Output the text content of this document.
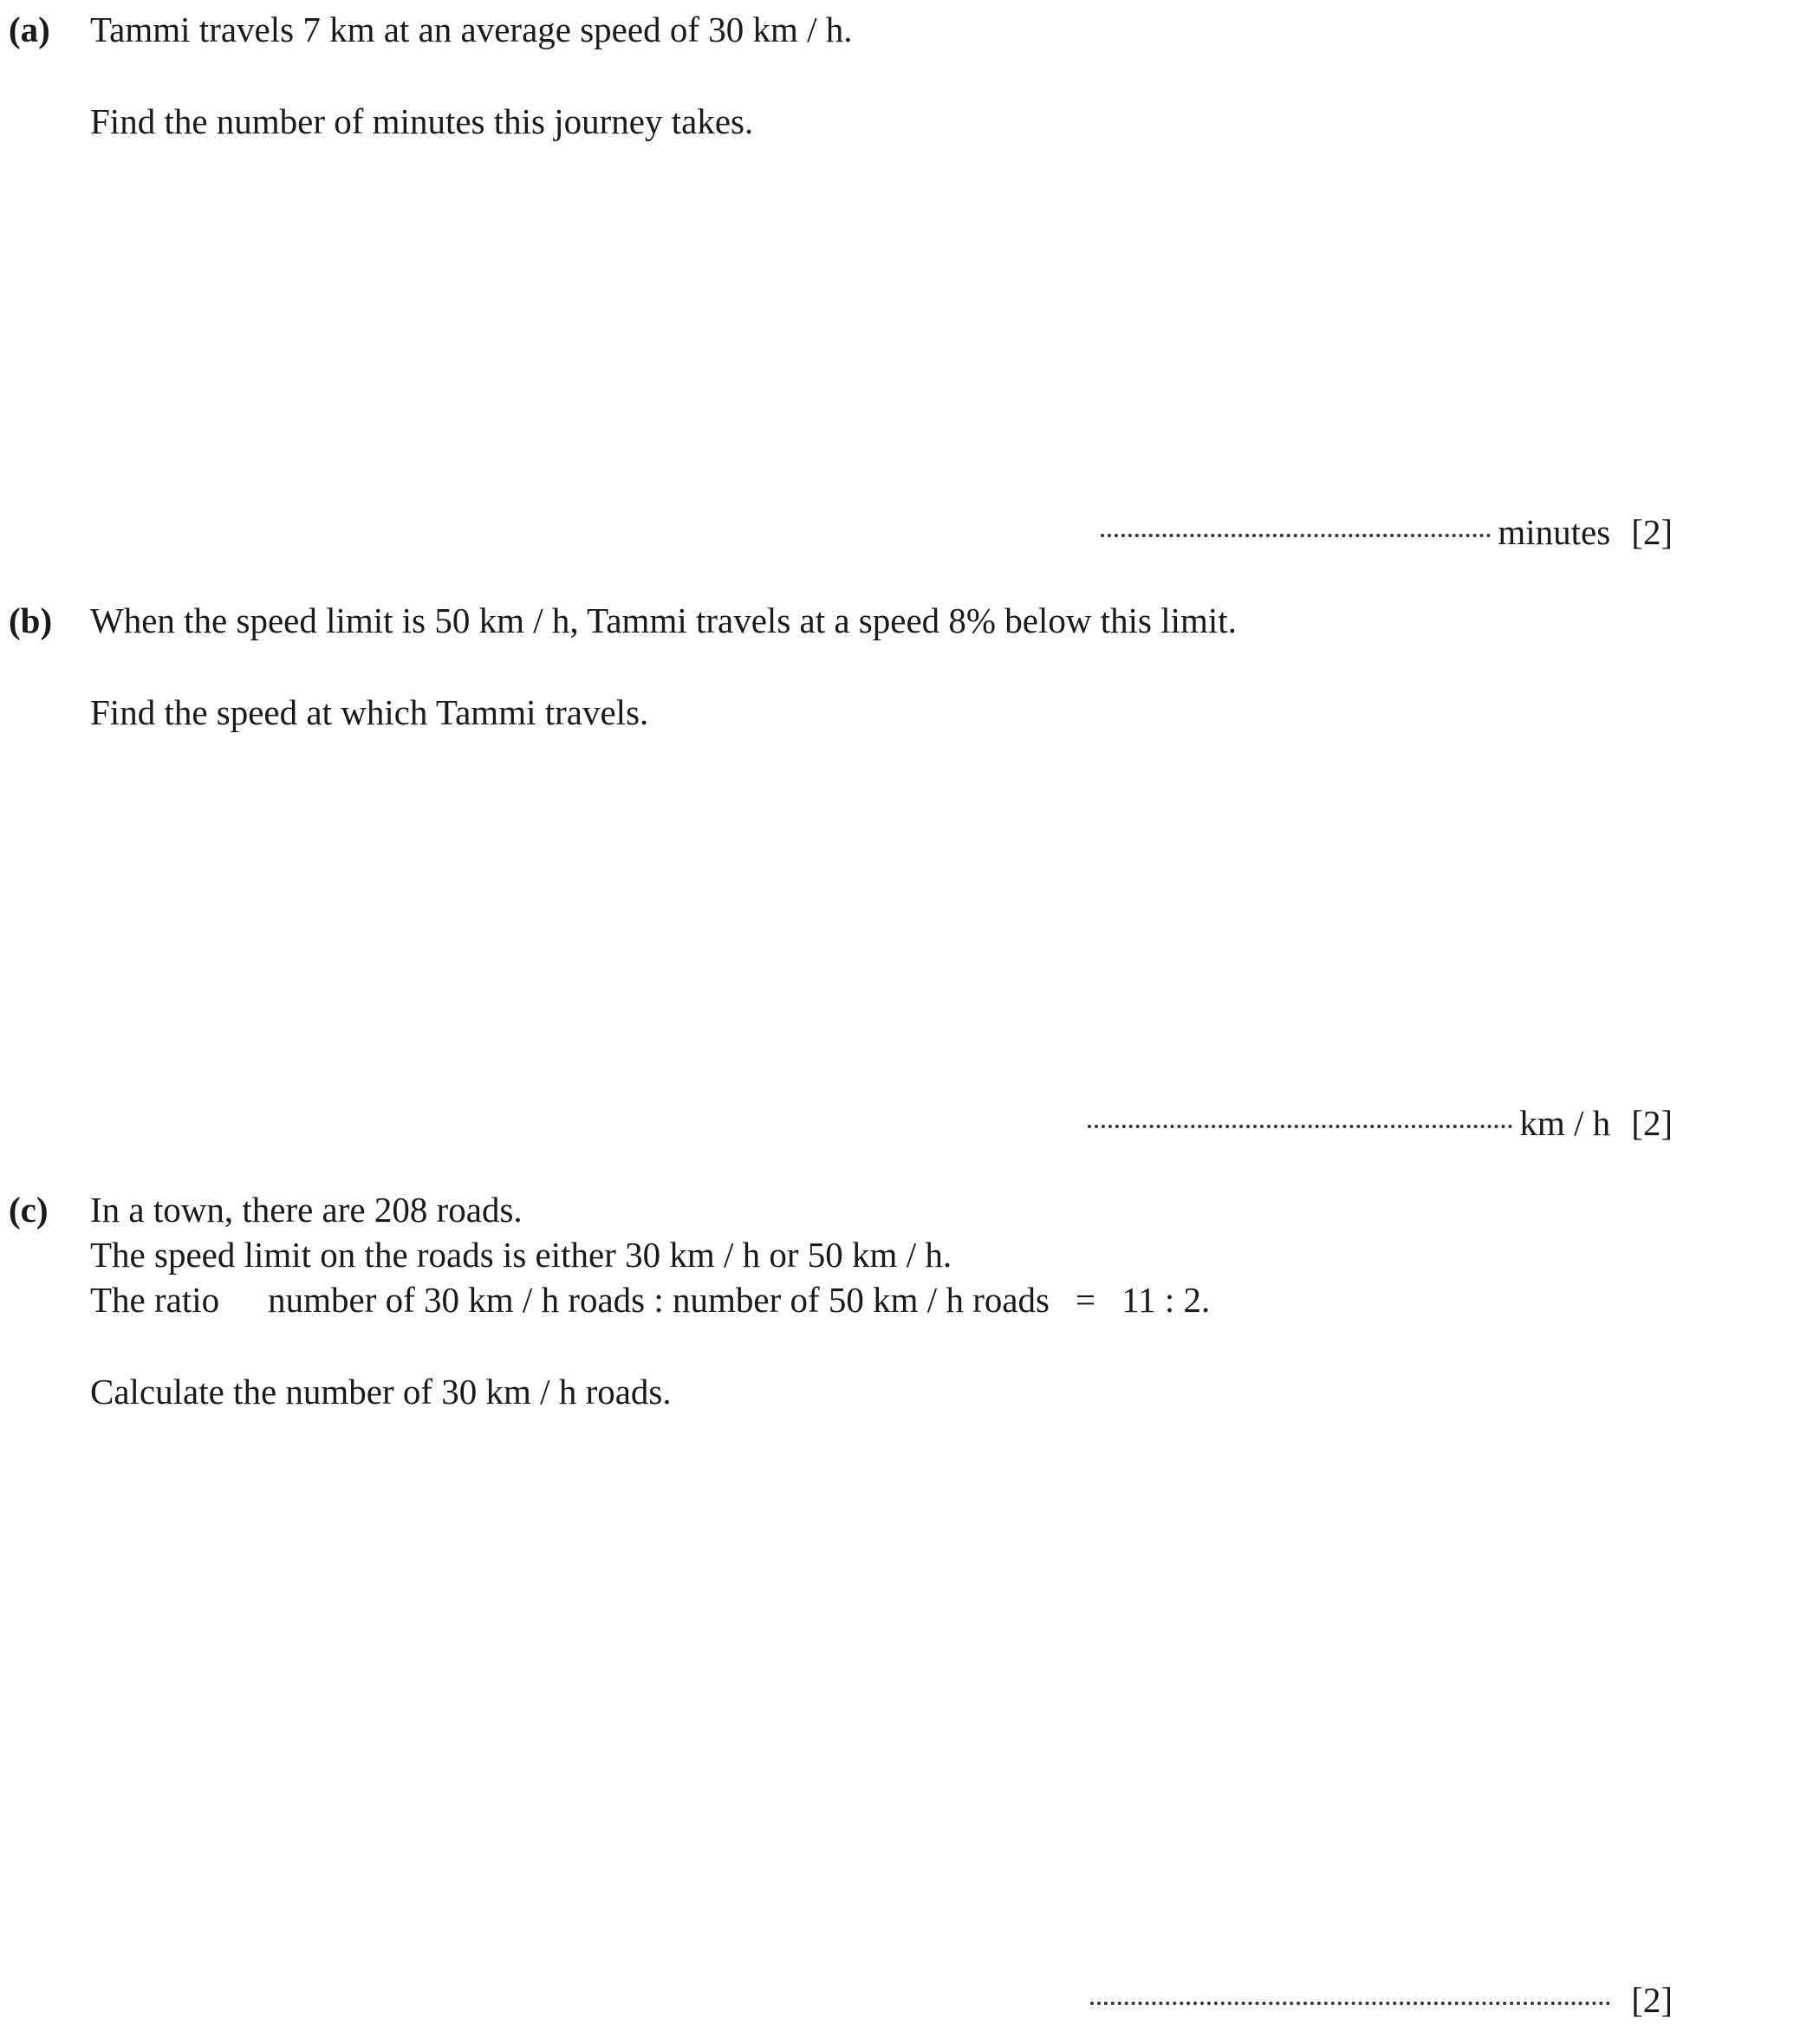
(a) Tammi travels 7 km at an average speed of 30 km / h.
Find the number of minutes this journey takes.
minutes [2]
(b) When the speed limit is 50 km / h, Tammi travels at a speed 8% below this limit.
Find the speed at which Tammi travels.
km / h [2]
(c) In a town, there are 208 roads.
The speed limit on the roads is either 30 km / h or 50 km / h.
The ratio number of 30 km / h roads : number of 50 km / h roads = 11 : 2.
Calculate the number of 30 km / h roads.
[2]
